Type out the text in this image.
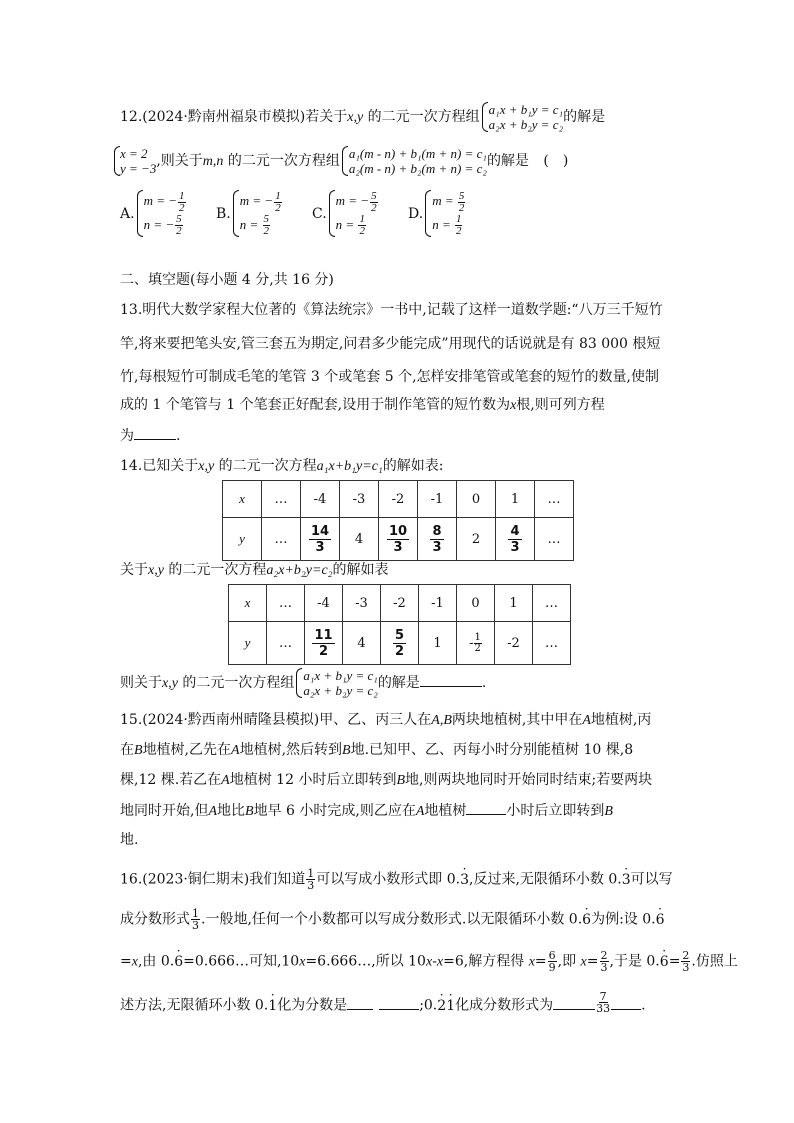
12.(2024·黔南州福泉市模拟)若关于x,y 的二元一次方程组 a₁x + b₁y = c₁
a₂x + b₂y = c₂ 的解是
x = 2
y = −3 ,则关于m,n 的二元一次方程组 a₁(m - n) + b₁(m + n) = c₁
a₂(m - n) + b₂(m + n) = c₂ 的解是 (　)
A.
m = − $\frac{1}{2}$
n = − $\frac{5}{2}$
B.
m = − $\frac{1}{2}$
$n = \frac{5}{2}$
C.
m = − $\frac{5}{2}$
$n = \frac{1}{2}$
D.
$m = \frac{5}{2}$
$n = \frac{1}{2}$
二、填空题(每小题 4 分,共 16 分)
13.明代大数学家程大位著的《算法统宗》一书中,记载了这样一道数学题:“八万三千短竹
竿,将来要把笔头安,管三套五为期定,问君多少能完成”用现代的话说就是有 83 000 根短
竹,每根短竹可制成毛笔的笔管 3 个或笔套 5 个,怎样安排笔管或笔套的短竹的数量,使制
成的 1 个笔管与 1 个笔套正好配套,设用于制作笔管的短竹数为x根,则可列方程
为	.
14.已知关于x,y 的二元一次方程a₁x+b₁y=c₁的解如表:
x	…	-4	-3	-2	-1	0	1	…
y	…	$\frac{14}{3}$	4	$\frac{10}{3}$	$\frac{8}{3}$	2	$\frac{4}{3}$	…
关于x,y 的二元一次方程a₂x+b₂y=c₂的解如表
x	…	-4	-3	-2	-1	0	1	…
y	…	$\frac{11}{2}$	4	$\frac{5}{2}$	1	- $\frac{1}{2}$	-2	…
则关于x,y 的二元一次方程组 a₁x + b₁y = c₁
a₂x + b₂y = c₂ 的解是	.
15.(2024·黔西南州晴隆县模拟)甲、乙、丙三人在A,B两块地植树,其中甲在A地植树,丙
在B地植树,乙先在A地植树,然后转到B地.已知甲、乙、丙每小时分别能植树 10 棵,8
棵,12 棵.若乙在A地植树 12 小时后立即转到B地,则两块地同时开始同时结束;若要两块
地同时开始,但A地比B地早 6 小时完成,则乙应在A地植树	小时后立即转到B
地.
16.(2023·铜仁期末)我们知道 $\frac{1}{3}$ 可以写成小数形式即 0.3 ·,反过来,无限循环小数 0.3 ·可以写
成分数形式 $\frac{1}{3}$ .一般地,任何一个小数都可以写成分数形式.以无限循环小数 0.6 ·为例:设 0.6 ·
=x,由 0.6 ·=0.666…可知,10x=6.666…,所以 10x-x=6,解方程得 $x= \frac{6}{9}$ ,即 $x= \frac{2}{3}$ ,于是 $0.6 \cdot= \frac{2}{3}$ .仿照上
述方法,无限循环小数 0.1 ·化为分数是	;0.2 ·1 ·化成分数形式为	$\frac{7}{33}$ .
